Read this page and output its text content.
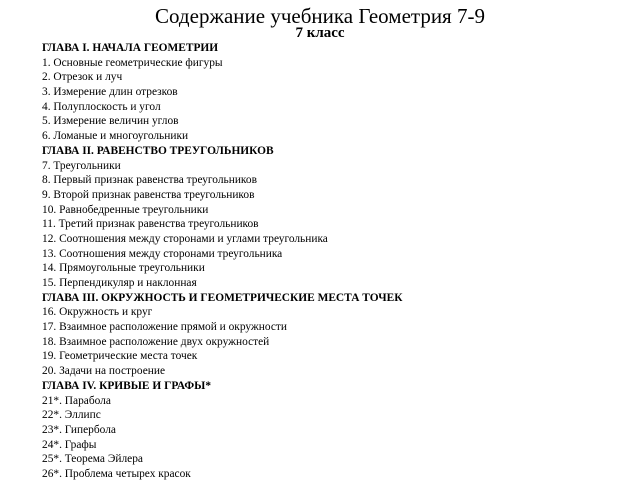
Содержание учебника Геометрия 7-9
7 класс
ГЛАВА I. НАЧАЛА ГЕОМЕТРИИ
1. Основные геометрические фигуры
2. Отрезок и луч
3. Измерение длин отрезков
4. Полуплоскость и угол
5. Измерение величин углов
6. Ломаные и многоугольники
ГЛАВА II. РАВЕНСТВО ТРЕУГОЛЬНИКОВ
7. Треугольники
8. Первый признак равенства треугольников
9. Второй признак равенства треугольников
10. Равнобедренные треугольники
11. Третий признак равенства треугольников
12. Соотношения между сторонами и углами треугольника
13. Соотношения между сторонами треугольника
14. Прямоугольные треугольники
15. Перпендикуляр и наклонная
ГЛАВА III. ОКРУЖНОСТЬ И ГЕОМЕТРИЧЕСКИЕ МЕСТА ТОЧЕК
16. Окружность и круг
17. Взаимное расположение прямой и окружности
18. Взаимное расположение двух окружностей
19. Геометрические места точек
20. Задачи на построение
ГЛАВА IV. КРИВЫЕ И ГРАФЫ*
21*. Парабола
22*. Эллипс
23*. Гипербола
24*. Графы
25*. Теорема Эйлера
26*. Проблема четырех красок
